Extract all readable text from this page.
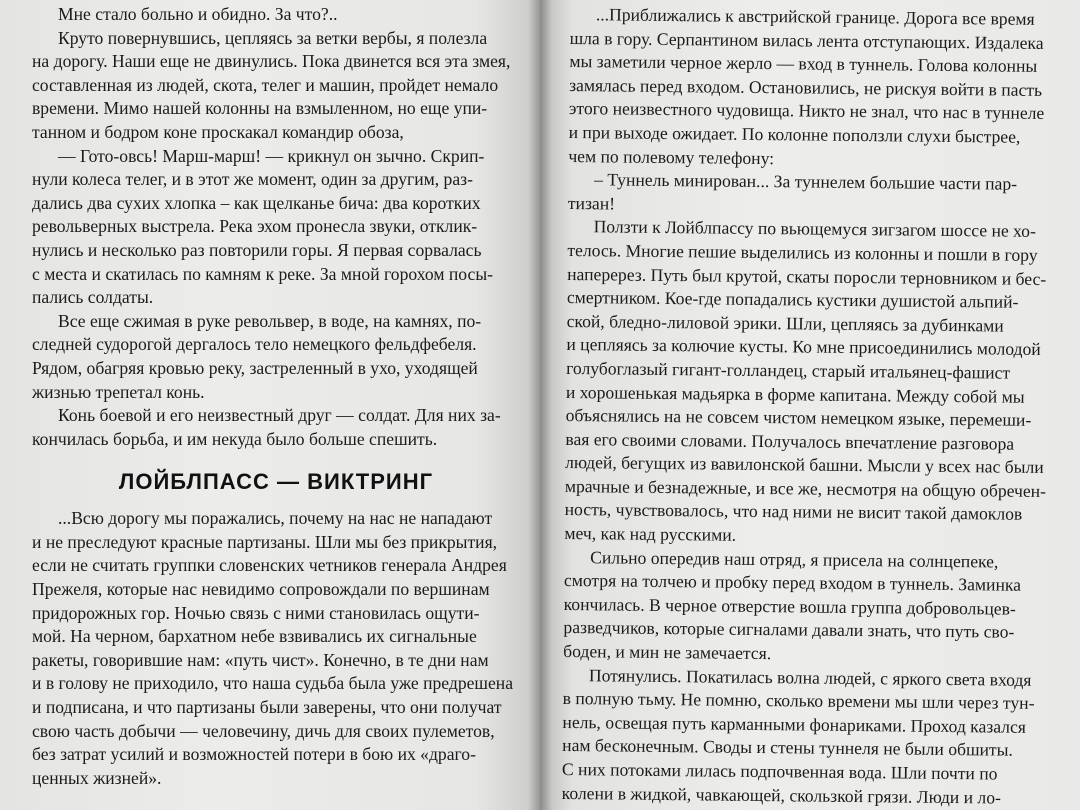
Мне стало больно и обидно. За что?..
Круто повернувшись, цепляясь за ветки вербы, я полезла
на дорогу. Наши еще не двинулись. Пока двинется вся эта змея,
составленная из людей, скота, телег и машин, пройдет немало
времени. Мимо нашей колонны на взмыленном, но еще упи-
танном и бодром коне проскакал командир обоза,
— Гото-овсь! Марш-марш! — крикнул он зычно. Скрип-
нули колеса телег, и в этот же момент, один за другим, раз-
дались два сухих хлопка – как щелканье бича: два коротких
револьверных выстрела. Река эхом пронесла звуки, отклик-
нулись и несколько раз повторили горы. Я первая сорвалась
с места и скатилась по камням к реке. За мной горохом посы-
пались солдаты.
Все еще сжимая в руке револьвер, в воде, на камнях, по-
следней судорогой дергалось тело немецкого фельдфебеля.
Рядом, обагряя кровью реку, застреленный в ухо, уходящей
жизнью трепетал конь.
Конь боевой и его неизвестный друг — солдат. Для них за-
кончилась борьба, и им некуда было больше спешить.
ЛОЙБЛПАСС — ВИКТРИНГ
...Всю дорогу мы поражались, почему на нас не нападают
и не преследуют красные партизаны. Шли мы без прикрытия,
если не считать группки словенских четников генерала Андрея
Прежеля, которые нас невидимо сопровождали по вершинам
придорожных гор. Ночью связь с ними становилась ощути-
мой. На черном, бархатном небе взвивались их сигнальные
ракеты, говорившие нам: «путь чист». Конечно, в те дни нам
и в голову не приходило, что наша судьба была уже предрешена
и подписана, и что партизаны были заверены, что они получат
свою часть добычи — человечину, дичь для своих пулеметов,
без затрат усилий и возможностей потери в бою их «драго-
ценных жизней».
...Приближались к австрийской границе. Дорога все время
шла в гору. Серпантином вилась лента отступающих. Издалека
мы заметили черное жерло — вход в туннель. Голова колонны
замялась перед входом. Остановились, не рискуя войти в пасть
этого неизвестного чудовища. Никто не знал, что нас в туннеле
и при выходе ожидает. По колонне поползли слухи быстрее,
чем по полевому телефону:
– Туннель минирован... За туннелем большие части пар-
тизан!
Ползти к Лойблпассу по вьющемуся зигзагом шоссе не хо-
телось. Многие пешие выделились из колонны и пошли в гору
наперерез. Путь был крутой, скаты поросли терновником и бес-
смертником. Кое-где попадались кустики душистой альпий-
ской, бледно-лиловой эрики. Шли, цепляясь за дубинками
и цепляясь за колючие кусты. Ко мне присоединились молодой
голубоглазый гигант-голландец, старый итальянец-фашист
и хорошенькая мадьярка в форме капитана. Между собой мы
объяснялись на не совсем чистом немецком языке, перемеши-
вая его своими словами. Получалось впечатление разговора
людей, бегущих из вавилонской башни. Мысли у всех нас были
мрачные и безнадежные, и все же, несмотря на общую обречен-
ность, чувствовалось, что над ними не висит такой дамоклов
меч, как над русскими.
Сильно опередив наш отряд, я присела на солнцепеке,
смотря на толчею и пробку перед входом в туннель. Заминка
кончилась. В черное отверстие вошла группа добровольцев-
разведчиков, которые сигналами давали знать, что путь сво-
боден, и мин не замечается.
Потянулись. Покатилась волна людей, с яркого света входя
в полную тьму. Не помню, сколько времени мы шли через тун-
нель, освещая путь карманными фонариками. Проход казался
нам бесконечным. Своды и стены туннеля не были обшиты.
С них потоками лилась подпочвенная вода. Шли почти по
колени в жидкой, чавкающей, скользкой грязи. Люди и ло-
